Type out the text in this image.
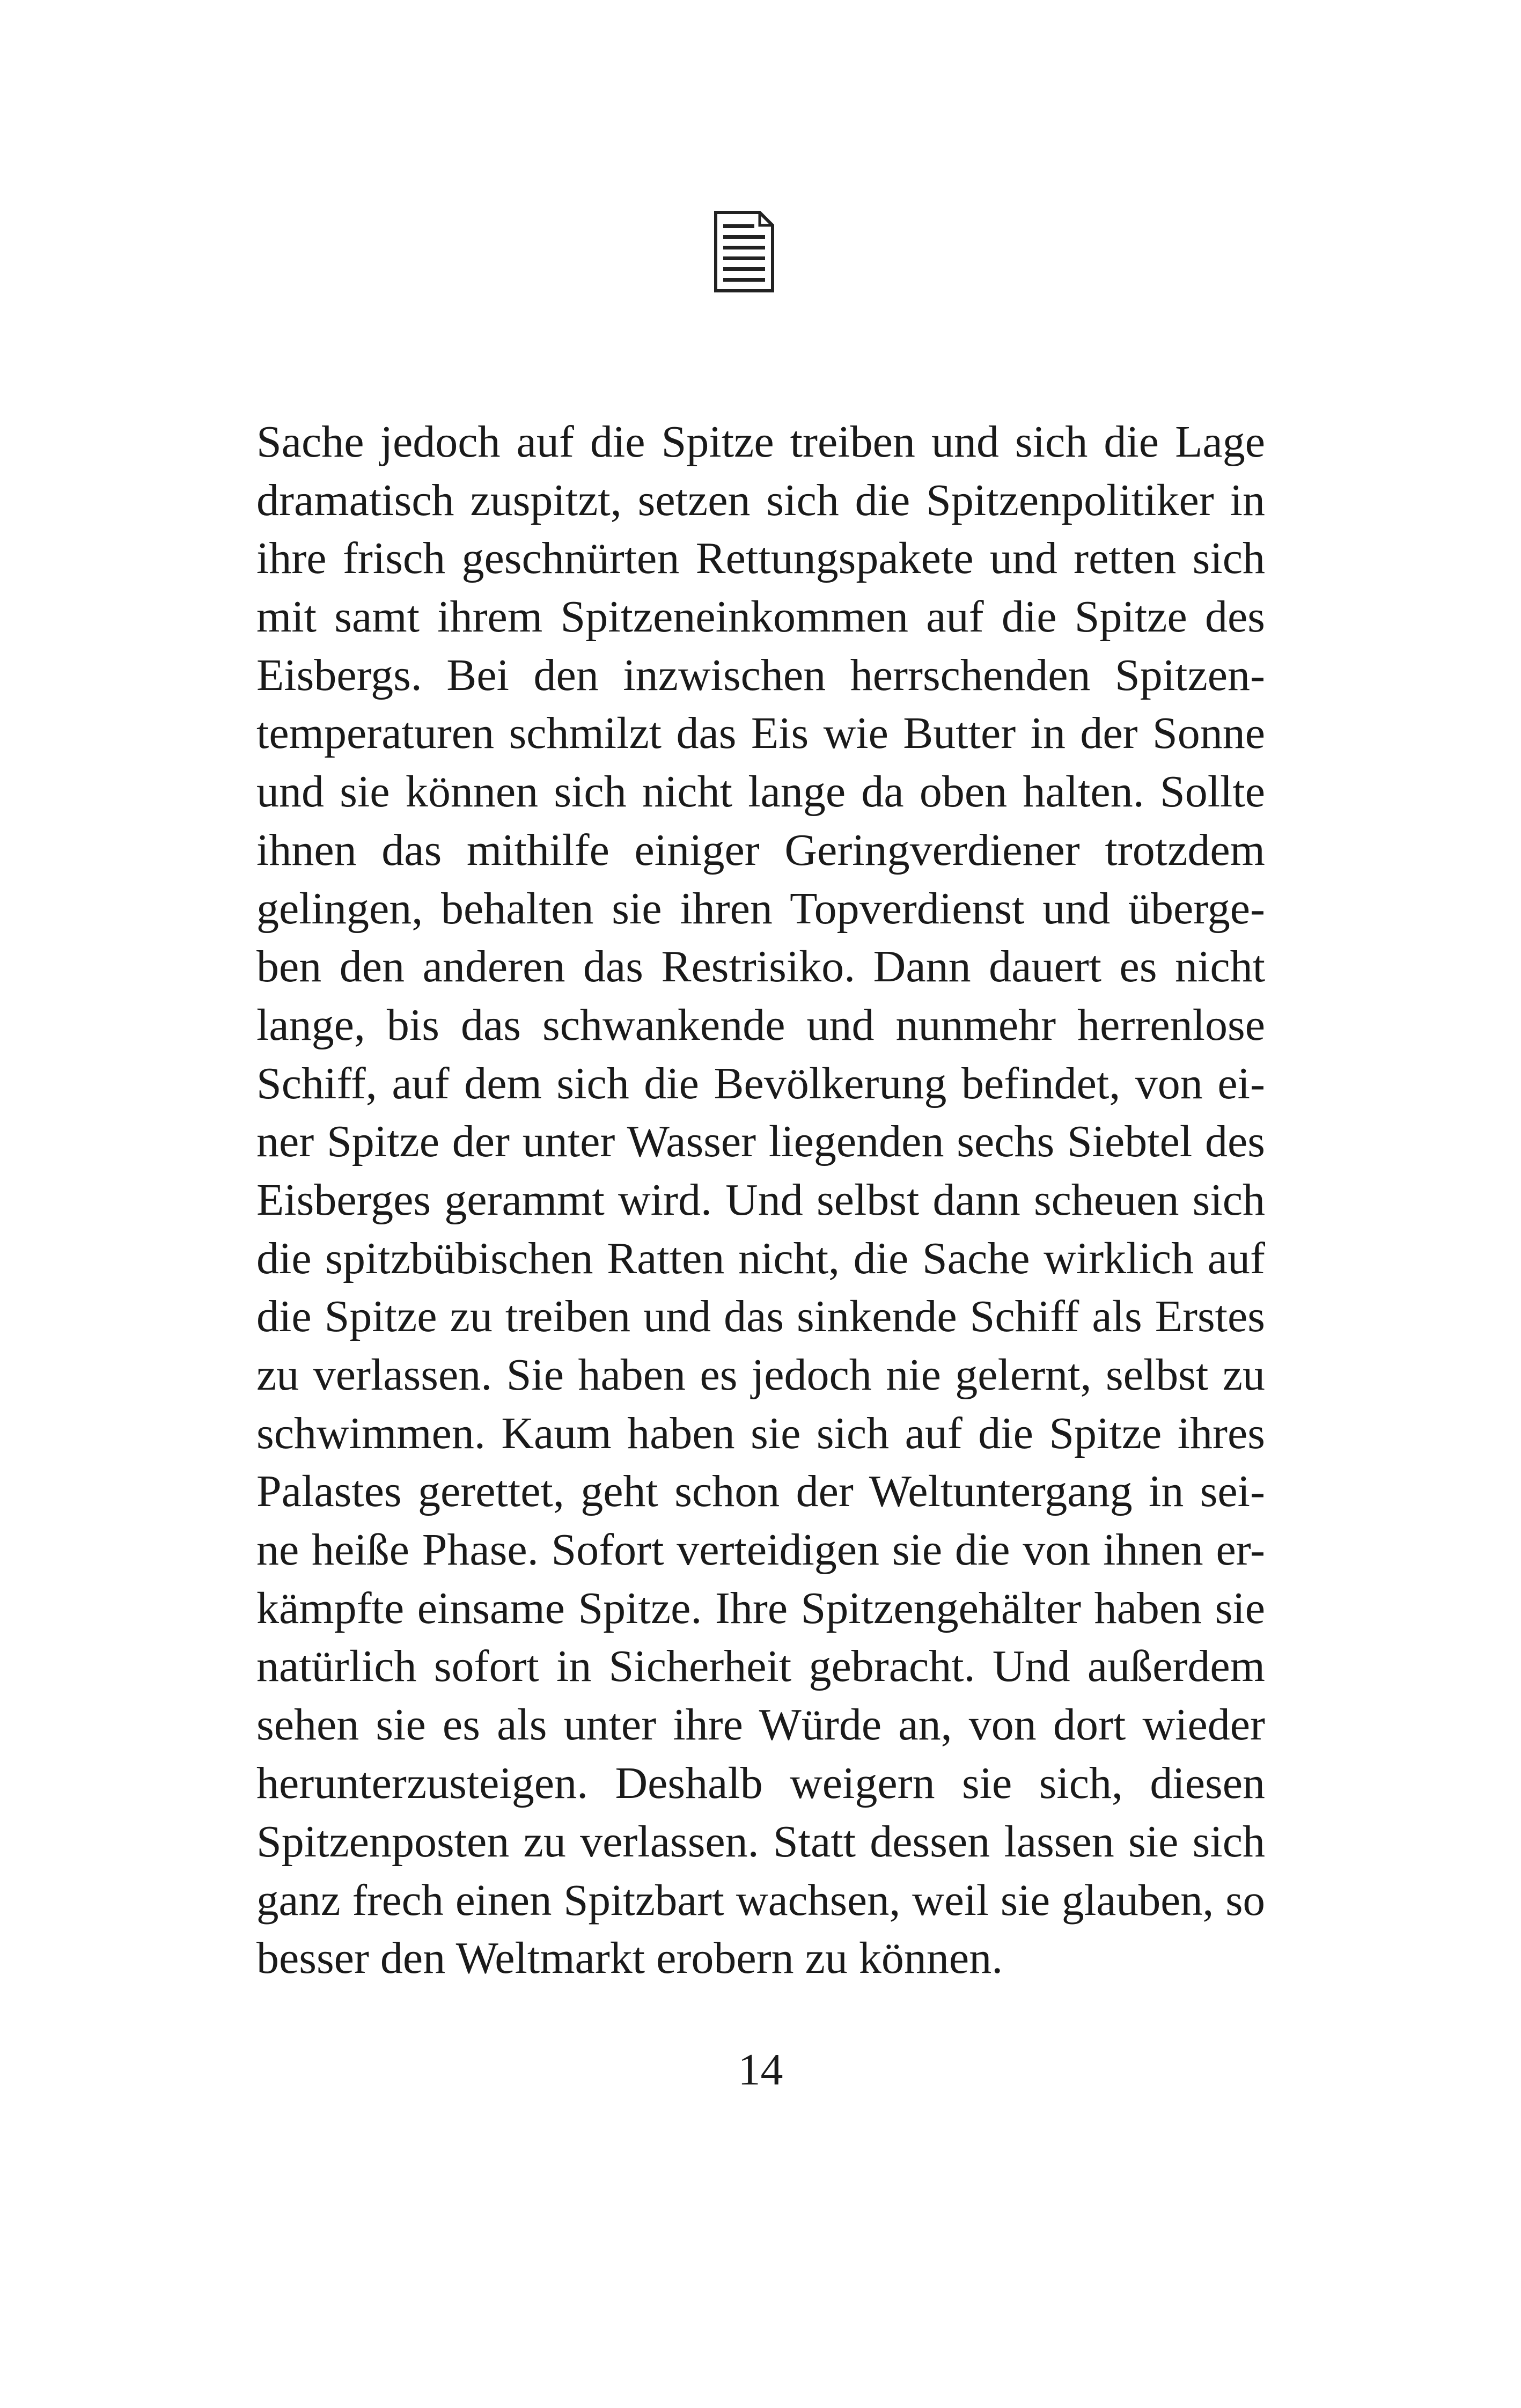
Sache jedoch auf die Spitze treiben und sich die Lage
dramatisch zuspitzt, setzen sich die Spitzenpolitiker in
ihre frisch geschnürten Rettungspakete und retten sich
mit samt ihrem Spitzeneinkommen auf die Spitze des
Eisbergs. Bei den inzwischen herrschenden Spitzen-
temperaturen schmilzt das Eis wie Butter in der Sonne
und sie können sich nicht lange da oben halten. Sollte
ihnen das mithilfe einiger Geringverdiener trotzdem
gelingen, behalten sie ihren Topverdienst und überge-
ben den anderen das Restrisiko. Dann dauert es nicht
lange, bis das schwankende und nunmehr herrenlose
Schiff, auf dem sich die Bevölkerung befindet, von ei-
ner Spitze der unter Wasser liegenden sechs Siebtel des
Eisberges gerammt wird. Und selbst dann scheuen sich
die spitzbübischen Ratten nicht, die Sache wirklich auf
die Spitze zu treiben und das sinkende Schiff als Erstes
zu verlassen. Sie haben es jedoch nie gelernt, selbst zu
schwimmen. Kaum haben sie sich auf die Spitze ihres
Palastes gerettet, geht schon der Weltuntergang in sei-
ne heiße Phase. Sofort verteidigen sie die von ihnen er-
kämpfte einsame Spitze. Ihre Spitzengehälter haben sie
natürlich sofort in Sicherheit gebracht. Und außerdem
sehen sie es als unter ihre Würde an, von dort wieder
herunterzusteigen. Deshalb weigern sie sich, diesen
Spitzenposten zu verlassen. Statt dessen lassen sie sich
ganz frech einen Spitzbart wachsen, weil sie glauben, so
besser den Weltmarkt erobern zu können.
14
